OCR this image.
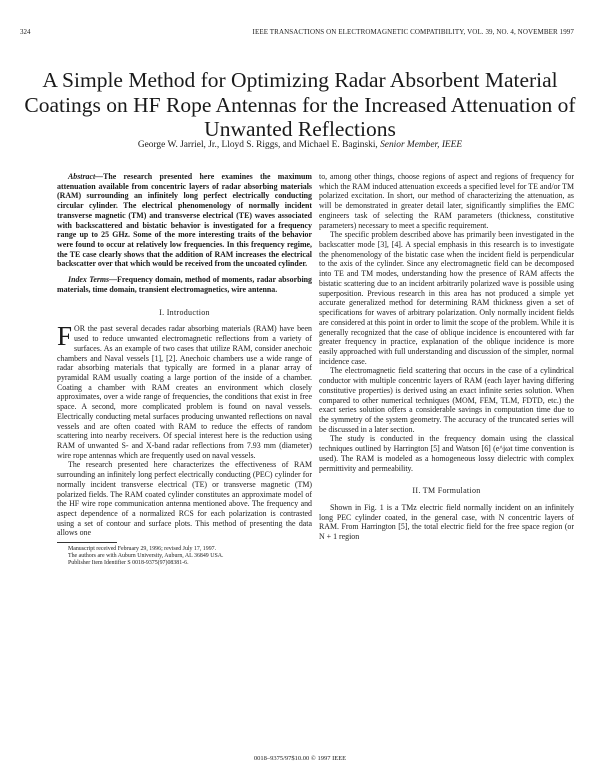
324	IEEE TRANSACTIONS ON ELECTROMAGNETIC COMPATIBILITY, VOL. 39, NO. 4, NOVEMBER 1997
A Simple Method for Optimizing Radar Absorbent Material Coatings on HF Rope Antennas for the Increased Attenuation of Unwanted Reflections
George W. Jarriel, Jr., Lloyd S. Riggs, and Michael E. Baginski, Senior Member, IEEE

Abstract—The research presented here examines the maximum attenuation available from concentric layers of radar absorbing materials (RAM) surrounding an infinitely long perfect electrically conducting circular cylinder. The electrical phenomenology of normally incident transverse magnetic (TM) and transverse electrical (TE) waves associated with backscattered and bistatic behavior is investigated for a frequency range up to 25 GHz. Some of the more interesting traits of the behavior were found to occur at relatively low frequencies. In this frequency regime, the TE case clearly shows that the addition of RAM increases the electrical backscatter over that which would be received from the uncoated cylinder.

Index Terms—Frequency domain, method of moments, radar absorbing materials, time domain, transient electromagnetics, wire antenna.

I. Introduction

FOR the past several decades radar absorbing materials (RAM) have been used to reduce unwanted electromagnetic reflections from a variety of surfaces. As an example of two cases that utilize RAM, consider anechoic chambers and Naval vessels [1], [2]. Anechoic chambers use a wide range of radar absorbing materials that typically are formed in a planar array of pyramidal RAM usually coating a large portion of the inside of a chamber. Coating a chamber with RAM creates an environment which closely approximates, over a wide range of frequencies, the conditions that exist in free space. A second, more complicated problem is found on naval vessels. Electrically conducting metal surfaces producing unwanted reflections on naval vessels and are often coated with RAM to reduce the effects of random scattering into nearby receivers. Of special interest here is the reduction using RAM of unwanted S- and X-band radar reflections from 7.93 mm (diameter) wire rope antennas which are frequently used on naval vessels.

The research presented here characterizes the effectiveness of RAM surrounding an infinitely long perfect electrically conducting (PEC) cylinder for normally incident transverse electrical (TE) or transverse magnetic (TM) polarized fields. The RAM coated cylinder constitutes an approximate model of the HF wire rope communication antenna mentioned above. The frequency and aspect dependence of a normalized RCS for each polarization is contrasted using a set of contour and surface plots. This method of presenting the data allows one

Manuscript received February 29, 1996; revised July 17, 1997.
The authors are with Auburn University, Auburn, AL 36849 USA.
Publisher Item Identifier S 0018-9375(97)08381-6.

to, among other things, choose regions of aspect and regions of frequency for which the RAM induced attenuation exceeds a specified level for TE and/or TM polarized excitation. In short, our method of characterizing the attenuation, as will be demonstrated in greater detail later, significantly simplifies the EMC engineers task of selecting the RAM parameters (thickness, constitutive parameters) necessary to meet a specific requirement.

The specific problem described above has primarily been investigated in the backscatter mode [3], [4]. A special emphasis in this research is to investigate the phenomenology of the bistatic case when the incident field is perpendicular to the axis of the cylinder. Since any electromagnetic field can be decomposed into TE and TM modes, understanding how the presence of RAM affects the bistatic scattering due to an incident arbitrarily polarized wave is possible using superposition. Previous research in this area has not produced a simple yet accurate generalized method for determining RAM thickness given a set of specifications for waves of arbitrary polarization. Only normally incident fields are considered at this point in order to limit the scope of the problem. While it is generally recognized that the case of oblique incidence is encountered with far greater frequency in practice, explanation of the oblique incidence is more easily approached with full understanding and discussion of the simpler, normal incidence case.

The electromagnetic field scattering that occurs in the case of a cylindrical conductor with multiple concentric layers of RAM (each layer having differing constitutive properties) is derived using an exact infinite series solution. When compared to other numerical techniques (MOM, FEM, TLM, FDTD, etc.) the exact series solution offers a considerable savings in computation time due to the symmetry of the system geometry. The accuracy of the truncated series will be discussed in a later section.

The study is conducted in the frequency domain using the classical techniques outlined by Harrington [5] and Watson [6] (e^jωt time convention is used). The RAM is modeled as a homogeneous lossy dielectric with complex permittivity and permeability.

II. TM Formulation

Shown in Fig. 1 is a TMz electric field normally incident on an infinitely long PEC cylinder coated, in the general case, with N concentric layers of RAM. From Harrington [5], the total electric field for the free space region (or N + 1 region

0018–9375/97$10.00 © 1997 IEEE
